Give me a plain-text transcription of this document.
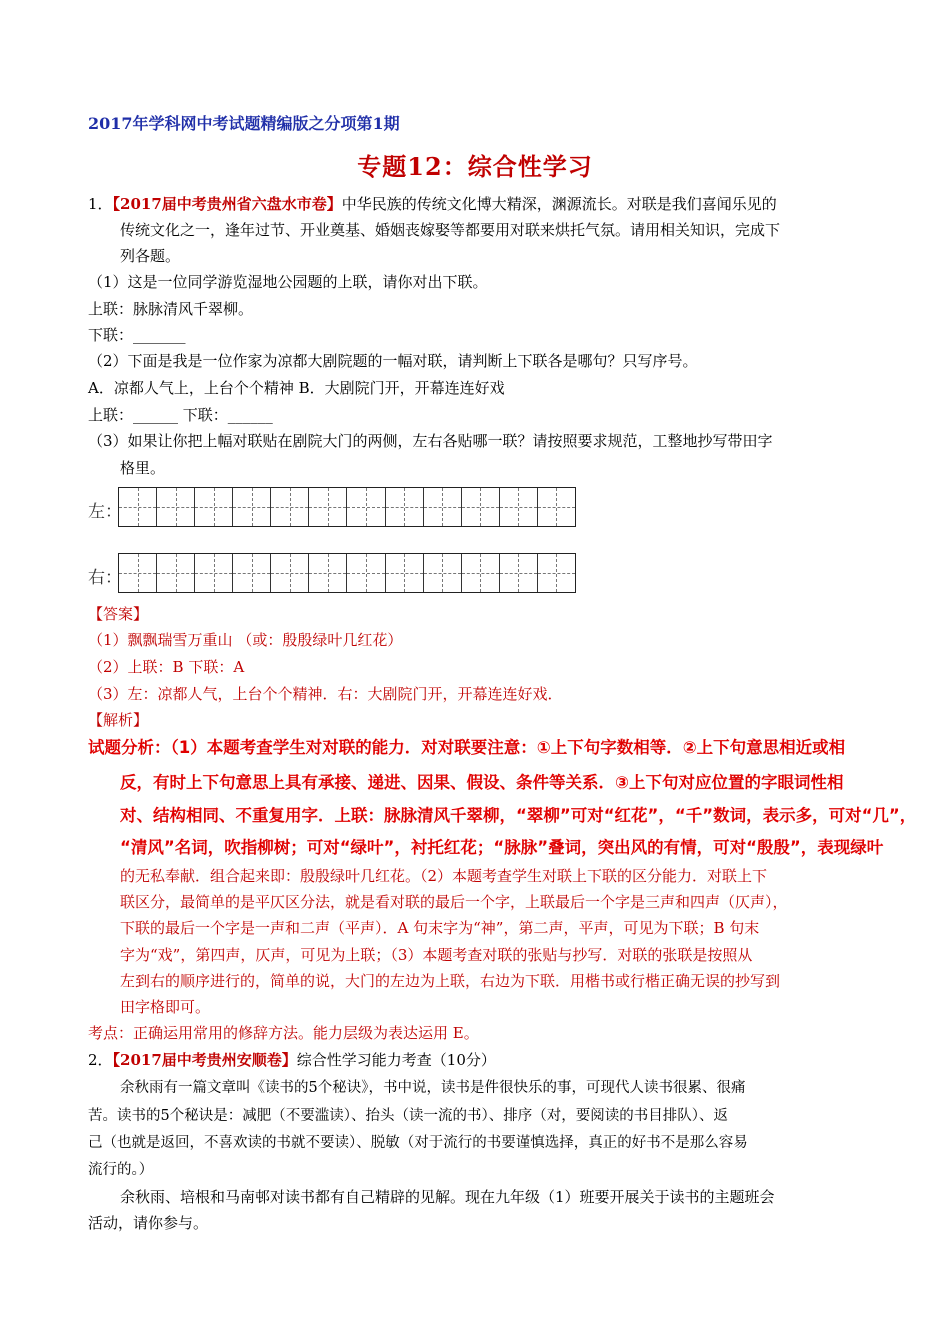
2017年学科网中考试题精编版之分项第1期
专题12：综合性学习
1．【2017届中考贵州省六盘水市卷】中华民族的传统文化博大精深，渊源流长。对联是我们喜闻乐见的
传统文化之一，逢年过节、开业奠基、婚姻丧嫁娶等都要用对联来烘托气氛。请用相关知识，完成下
列各题。
（1）这是一位同学游览湿地公园题的上联，请你对出下联。
上联：脉脉清风千翠柳。
下联：_______
（2）下面是我是一位作家为凉都大剧院题的一幅对联，请判断上下联各是哪句？只写序号。
A．凉都人气上，上台个个精神 B．大剧院门开，开幕连连好戏
上联：______ 下联：______
（3）如果让你把上幅对联贴在剧院大门的两侧，左右各贴哪一联？请按照要求规范，工整地抄写带田字
格里。
左：
右：
【答案】
（1）飘飘瑞雪万重山 （或：殷殷绿叶几红花）
（2）上联：B 下联：A
（3）左：凉都人气，上台个个精神．右：大剧院门开，开幕连连好戏．
【解析】
试题分析：（1）本题考查学生对对联的能力．对对联要注意：①上下句字数相等．②上下句意思相近或相
反，有时上下句意思上具有承接、递进、因果、假设、条件等关系．③上下句对应位置的字眼词性相
对、结构相同、不重复用字．上联：脉脉清风千翠柳，“翠柳”可对“红花”，“千”数词，表示多，可对“几”，
“清风”名词，吹指柳树；可对“绿叶”，衬托红花；“脉脉”叠词，突出风的有情，可对“殷殷”，表现绿叶
的无私奉献．组合起来即：殷殷绿叶几红花。（2）本题考查学生对联上下联的区分能力．对联上下
联区分，最简单的是平仄区分法，就是看对联的最后一个字，上联最后一个字是三声和四声（仄声），
下联的最后一个字是一声和二声（平声）．A 句末字为“神”，第二声，平声，可见为下联；B 句末
字为“戏”，第四声，仄声，可见为上联；（3）本题考查对联的张贴与抄写．对联的张联是按照从
左到右的顺序进行的，简单的说，大门的左边为上联，右边为下联．用楷书或行楷正确无误的抄写到
田字格即可。
考点：正确运用常用的修辞方法。能力层级为表达运用 E。
2．【2017届中考贵州安顺卷】综合性学习能力考查（10分）
余秋雨有一篇文章叫《读书的5个秘诀》，书中说，读书是件很快乐的事，可现代人读书很累、很痛
苦。读书的5个秘诀是：减肥（不要滥读）、抬头（读一流的书）、排序（对，要阅读的书目排队）、返
己（也就是返回，不喜欢读的书就不要读）、脱敏（对于流行的书要谨慎选择，真正的好书不是那么容易
流行的。）
余秋雨、培根和马南邨对读书都有自己精辟的见解。现在九年级（1）班要开展关于读书的主题班会
活动，请你参与。
